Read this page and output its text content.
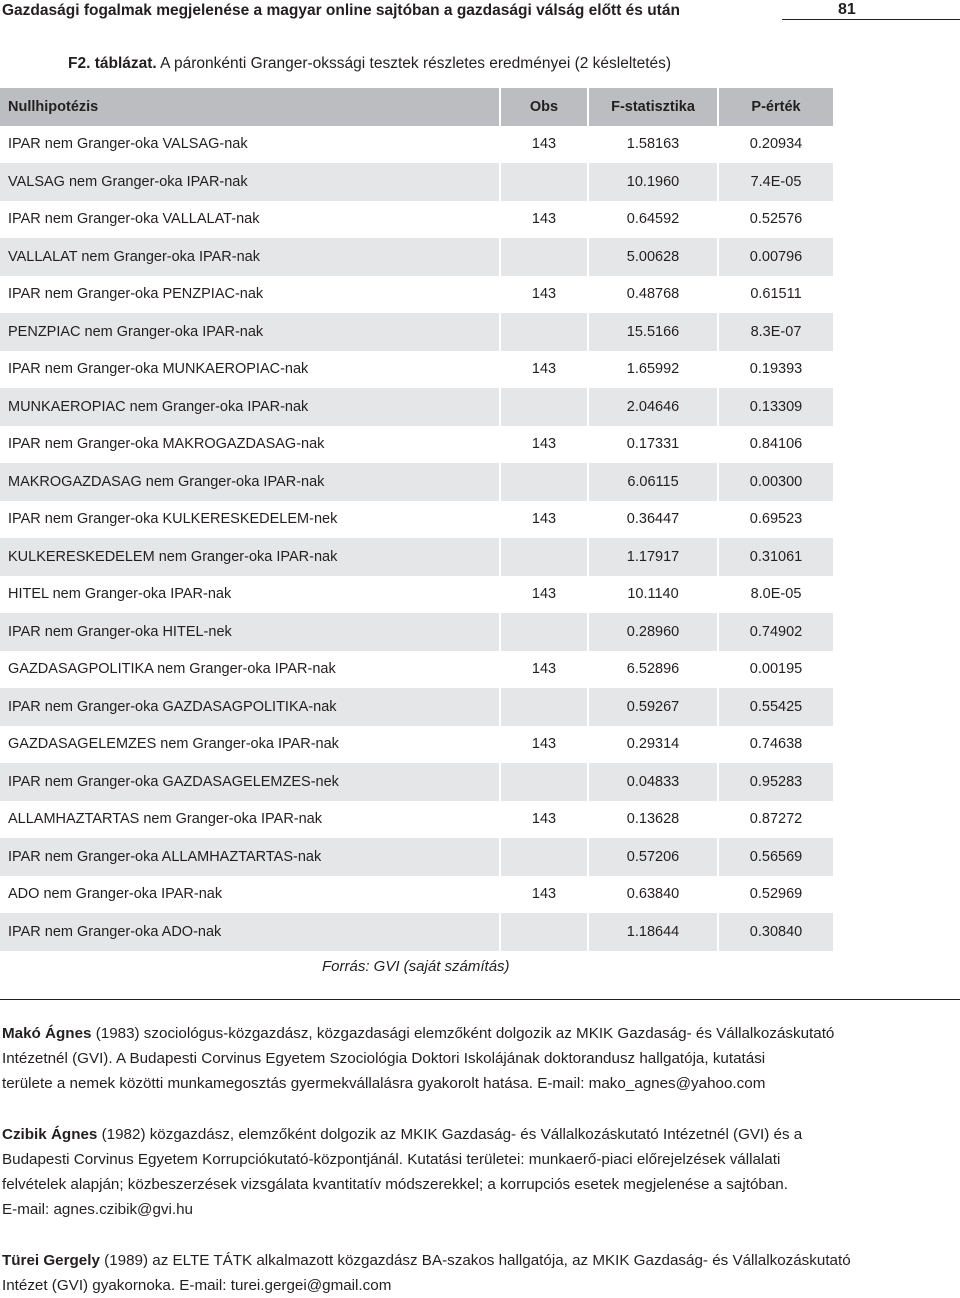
Gazdasági fogalmak megjelenése a magyar online sajtóban a gazdasági válság előtt és után	81
F2. táblázat. A páronkénti Granger-okssági tesztek részletes eredményei (2 késleltetés)
Nullhipotézis	Obs	F-statisztika	P-érték
IPAR nem Granger-oka VALSAG-nak	143	1.58163	0.20934
VALSAG nem Granger-oka IPAR-nak		10.1960	7.4E-05
IPAR nem Granger-oka VALLALAT-nak	143	0.64592	0.52576
VALLALAT nem Granger-oka IPAR-nak		5.00628	0.00796
IPAR nem Granger-oka PENZPIAC-nak	143	0.48768	0.61511
PENZPIAC nem Granger-oka IPAR-nak		15.5166	8.3E-07
IPAR nem Granger-oka MUNKAEROPIAC-nak	143	1.65992	0.19393
MUNKAEROPIAC nem Granger-oka IPAR-nak		2.04646	0.13309
IPAR nem Granger-oka MAKROGAZDASAG-nak	143	0.17331	0.84106
MAKROGAZDASAG nem Granger-oka IPAR-nak		6.06115	0.00300
IPAR nem Granger-oka KULKERESKEDELEM-nek	143	0.36447	0.69523
KULKERESKEDELEM nem Granger-oka IPAR-nak		1.17917	0.31061
HITEL nem Granger-oka IPAR-nak	143	10.1140	8.0E-05
IPAR nem Granger-oka HITEL-nek		0.28960	0.74902
GAZDASAGPOLITIKA nem Granger-oka IPAR-nak	143	6.52896	0.00195
IPAR nem Granger-oka GAZDASAGPOLITIKA-nak		0.59267	0.55425
GAZDASAGELEMZES nem Granger-oka IPAR-nak	143	0.29314	0.74638
IPAR nem Granger-oka GAZDASAGELEMZES-nek		0.04833	0.95283
ALLAMHAZTARTAS nem Granger-oka IPAR-nak	143	0.13628	0.87272
IPAR nem Granger-oka ALLAMHAZTARTAS-nak		0.57206	0.56569
ADO nem Granger-oka IPAR-nak	143	0.63840	0.52969
IPAR nem Granger-oka ADO-nak		1.18644	0.30840
Forrás: GVI (saját számítás)

Makó Ágnes (1983) szociológus-közgazdász, közgazdasági elemzőként dolgozik az MKIK Gazdaság- és Vállalkozáskutató
Intézetnél (GVI). A Budapesti Corvinus Egyetem Szociológia Doktori Iskolájának doktorandusz hallgatója, kutatási
területe a nemek közötti munkamegosztás gyermekvállalásra gyakorolt hatása. E-mail: mako_agnes@yahoo.com

Czibik Ágnes (1982) közgazdász, elemzőként dolgozik az MKIK Gazdaság- és Vállalkozáskutató Intézetnél (GVI) és a
Budapesti Corvinus Egyetem Korrupciókutató-központjánál. Kutatási területei: munkaerő-piaci előrejelzések vállalati
felvételek alapján; közbeszerzések vizsgálata kvantitatív módszerekkel; a korrupciós esetek megjelenése a sajtóban.
E-mail: agnes.czibik@gvi.hu

Türei Gergely (1989) az ELTE TÁTK alkalmazott közgazdász BA-szakos hallgatója, az MKIK Gazdaság- és Vállalkozáskutató
Intézet (GVI) gyakornoka. E-mail: turei.gergei@gmail.com
